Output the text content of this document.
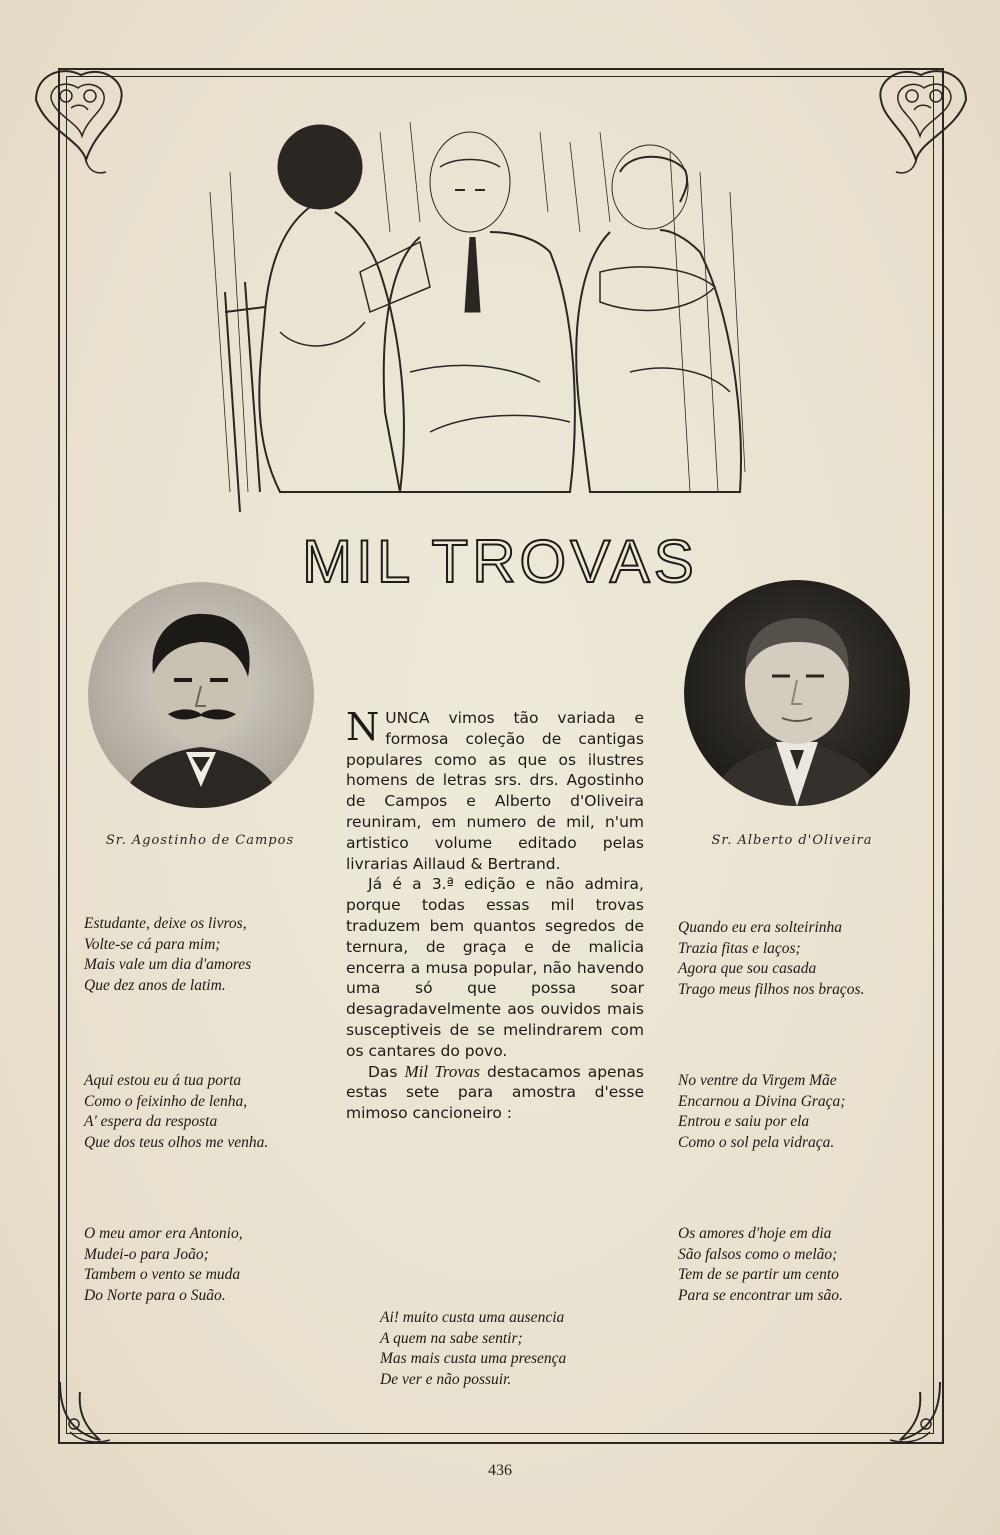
MIL TROVAS
Sr. Agostinho de Campos	Sr. Alberto d'Oliveira
Estudante, deixe os livros,
Volte-se cá para mim;
Mais vale um dia d'amores
Que dez anos de latim.
Aqui estou eu á tua porta
Como o feixinho de lenha,
A' espera da resposta
Que dos teus olhos me venha.
O meu amor era Antonio,
Mudei-o para João;
Tambem o vento se muda
Do Norte para o Suão.
Quando eu era solteirinha
Trazia fitas e laços;
Agora que sou casada
Trago meus filhos nos braços.
No ventre da Virgem Mãe
Encarnou a Divina Graça;
Entrou e saiu por ela
Como o sol pela vidraça.
Os amores d'hoje em dia
São falsos como o melão;
Tem de se partir um cento
Para se encontrar um são.

NUNCA vimos tão variada e formosa coleção de cantigas populares como as que os ilustres homens de letras srs. drs. Agostinho de Campos e Alberto d'Oliveira reuniram, em numero de mil, n'um artistico volume editado pelas livrarias Aillaud & Bertrand.

Já é a 3.ª edição e não admira, porque todas essas mil trovas traduzem bem quantos segredos de ternura, de graça e de malicia encerra a musa popular, não havendo uma só que possa soar desagradavelmente aos ouvidos mais susceptiveis de se melindrarem com os cantares do povo.

Das Mil Trovas destacamos apenas estas sete para amostra d'esse mimoso cancioneiro :

Ai! muito custa uma ausencia
A quem na sabe sentir;
Mas mais custa uma presença
De ver e não possuir.
436
